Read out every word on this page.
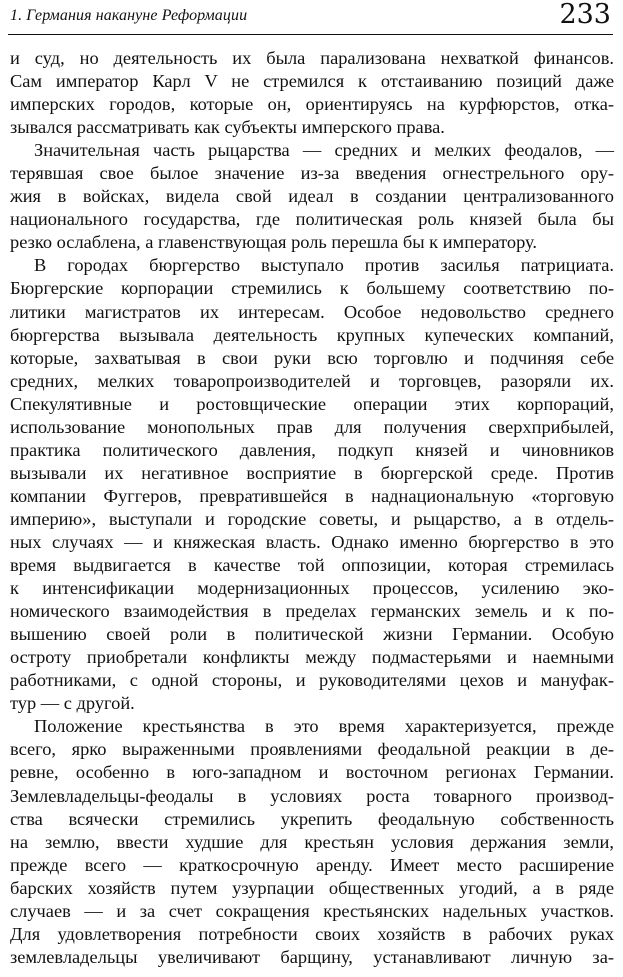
1. Германия накануне Реформации	233
и суд, но деятельность их была парализована нехваткой финансов.
Сам император Карл V не стремился к отстаиванию позиций даже
имперских городов, которые он, ориентируясь на курфюрстов, отка-
зывался рассматривать как субъекты имперского права.
Значительная часть рыцарства — средних и мелких феодалов, —
терявшая свое былое значение из-за введения огнестрельного ору-
жия в войсках, видела свой идеал в создании централизованного
национального государства, где политическая роль князей была бы
резко ослаблена, а главенствующая роль перешла бы к императору.
В городах бюргерство выступало против засилья патрициата.
Бюргерские корпорации стремились к большему соответствию по-
литики магистратов их интересам. Особое недовольство среднего
бюргерства вызывала деятельность крупных купеческих компаний,
которые, захватывая в свои руки всю торговлю и подчиняя себе
средних, мелких товаропроизводителей и торговцев, разоряли их.
Спекулятивные и ростовщические операции этих корпораций,
использование монопольных прав для получения сверхприбылей,
практика политического давления, подкуп князей и чиновников
вызывали их негативное восприятие в бюргерской среде. Против
компании Фуггеров, превратившейся в наднациональную «торговую
империю», выступали и городские советы, и рыцарство, а в отдель-
ных случаях — и княжеская власть. Однако именно бюргерство в это
время выдвигается в качестве той оппозиции, которая стремилась
к интенсификации модернизационных процессов, усилению эко-
номического взаимодействия в пределах германских земель и к по-
вышению своей роли в политической жизни Германии. Особую
остроту приобретали конфликты между подмастерьями и наемными
работниками, с одной стороны, и руководителями цехов и мануфак-
тур — с другой.
Положение крестьянства в это время характеризуется, прежде
всего, ярко выраженными проявлениями феодальной реакции в де-
ревне, особенно в юго-западном и восточном регионах Германии.
Землевладельцы-феодалы в условиях роста товарного производ-
ства всячески стремились укрепить феодальную собственность
на землю, ввести худшие для крестьян условия держания земли,
прежде всего — краткосрочную аренду. Имеет место расширение
барских хозяйств путем узурпации общественных угодий, а в ряде
случаев — и за счет сокращения крестьянских надельных участков.
Для удовлетворения потребности своих хозяйств в рабочих руках
землевладельцы увеличивают барщину, устанавливают личную за-
